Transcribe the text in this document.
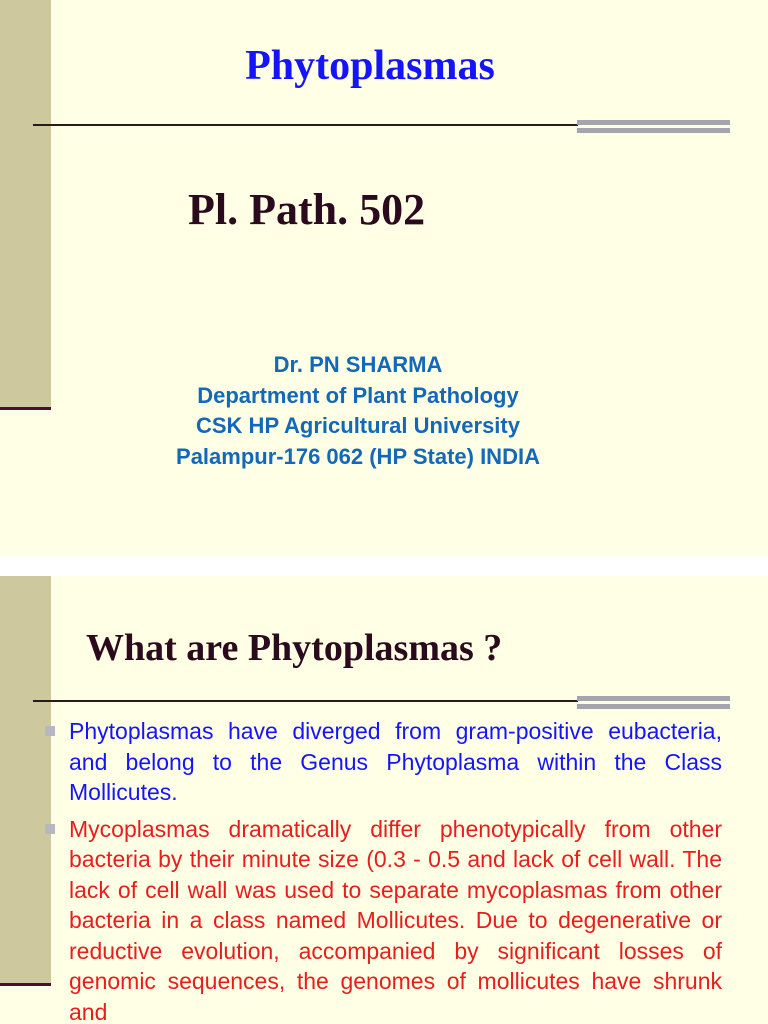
Phytoplasmas
Pl. Path. 502
Dr. PN SHARMA
Department of Plant Pathology
CSK HP Agricultural University
Palampur-176 062 (HP State) INDIA
What are Phytoplasmas ?
Phytoplasmas have diverged from gram-positive eubacteria, and belong to the Genus Phytoplasma within the Class Mollicutes.
Mycoplasmas dramatically differ phenotypically from other bacteria by their minute size (0.3 - 0.5 and lack of cell wall. The lack of cell wall was used to separate mycoplasmas from other bacteria in a class named Mollicutes. Due to degenerative or reductive evolution, accompanied by significant losses of genomic sequences, the genomes of mollicutes have shrunk and
